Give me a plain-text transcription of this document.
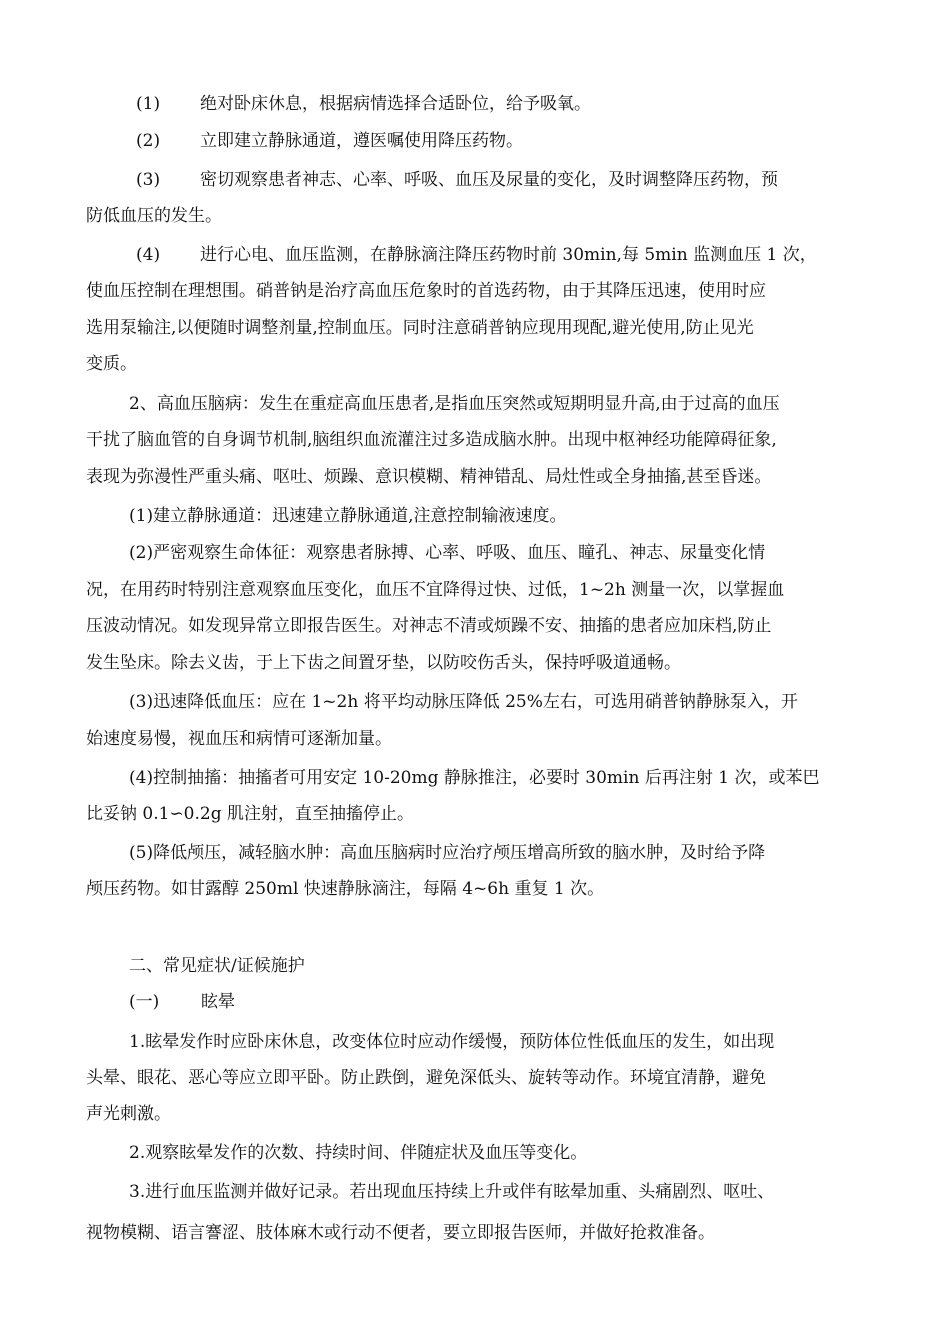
(1) 绝对卧床休息，根据病情选择合适卧位，给予吸氧。
(2) 立即建立静脉通道，遵医嘱使用降压药物。
(3) 密切观察患者神志、心率、呼吸、血压及尿量的变化，及时调整降压药物，预
防低血压的发生。
(4) 进行心电、血压监测，在静脉滴注降压药物时前 30min,每 5min 监测血压 1 次，
使血压控制在理想围。硝普钠是治疗高血压危象时的首选药物，由于其降压迅速，使用时应
选用泵输注,以便随时调整剂量,控制血压。同时注意硝普钠应现用现配,避光使用,防止见光
变质。
2、高血压脑病：发生在重症高血压患者,是指血压突然或短期明显升高,由于过高的血压
干扰了脑血管的自身调节机制,脑组织血流灌注过多造成脑水肿。出现中枢神经功能障碍征象,
表现为弥漫性严重头痛、呕吐、烦躁、意识模糊、精神错乱、局灶性或全身抽搐,甚至昏迷。
(1)建立静脉通道：迅速建立静脉通道,注意控制输液速度。
(2)严密观察生命体征：观察患者脉搏、心率、呼吸、血压、瞳孔、神志、尿量变化情
况，在用药时特别注意观察血压变化，血压不宜降得过快、过低，1~2h 测量一次，以掌握血
压波动情况。如发现异常立即报告医生。对神志不清或烦躁不安、抽搐的患者应加床档,防止
发生坠床。除去义齿，于上下齿之间置牙垫，以防咬伤舌头，保持呼吸道通畅。
(3)迅速降低血压：应在 1~2h 将平均动脉压降低 25%左右，可选用硝普钠静脉泵入，开
始速度易慢，视血压和病情可逐渐加量。
(4)控制抽搐：抽搐者可用安定 10-20mg 静脉推注，必要时 30min 后再注射 1 次，或苯巴
比妥钠 0.1∽0.2g 肌注射，直至抽搐停止。
(5)降低颅压，减轻脑水肿：高血压脑病时应治疗颅压增高所致的脑水肿，及时给予降
颅压药物。如甘露醇 250ml 快速静脉滴注，每隔 4~6h 重复 1 次。
二、常见症状/证候施护
(一) 眩晕
1.眩晕发作时应卧床休息，改变体位时应动作缓慢，预防体位性低血压的发生，如出现
头晕、眼花、恶心等应立即平卧。防止跌倒，避免深低头、旋转等动作。环境宜清静，避免
声光刺激。
2.观察眩晕发作的次数、持续时间、伴随症状及血压等变化。
3.进行血压监测并做好记录。若出现血压持续上升或伴有眩晕加重、头痛剧烈、呕吐、
视物模糊、语言謇涩、肢体麻木或行动不便者，要立即报告医师，并做好抢救准备。
